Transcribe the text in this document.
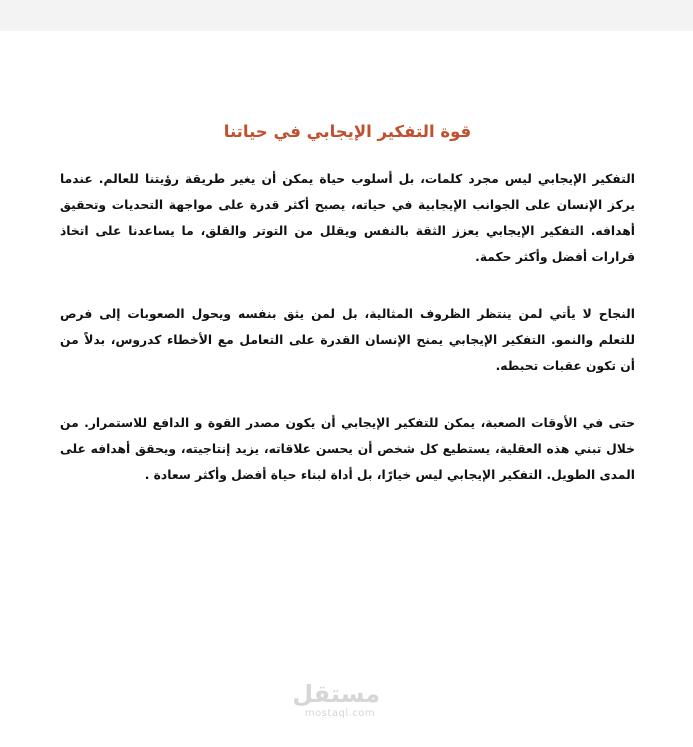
قوة التفكير الإيجابي في حياتنا

التفكير الإيجابي ليس مجرد كلمات، بل أسلوب حياة يمكن أن يغير طريقة رؤيتنا للعالم. عندما يركز الإنسان على الجوانب الإيجابية في حياته، يصبح أكثر قدرة على مواجهة التحديات وتحقيق أهدافه. التفكير الإيجابي يعزز الثقة بالنفس ويقلل من التوتر والقلق، ما يساعدنا على اتخاذ قرارات أفضل وأكثر حكمة.

النجاح لا يأتي لمن ينتظر الظروف المثالية، بل لمن يثق بنفسه ويحول الصعوبات إلى فرص للتعلم والنمو. التفكير الإيجابي يمنح الإنسان القدرة على التعامل مع الأخطاء كدروس، بدلاً من أن تكون عقبات تحبطه.

حتى في الأوقات الصعبة، يمكن للتفكير الإيجابي أن يكون مصدر القوة و الدافع للاستمرار. من خلال تبني هذه العقلية، يستطيع كل شخص أن يحسن علاقاته، يزيد إنتاجيته، ويحقق أهدافه على المدى الطويل. التفكير الإيجابي ليس خيارًا، بل أداة لبناء حياة أفضل وأكثر سعادة .

مستقل
mostaql.com
